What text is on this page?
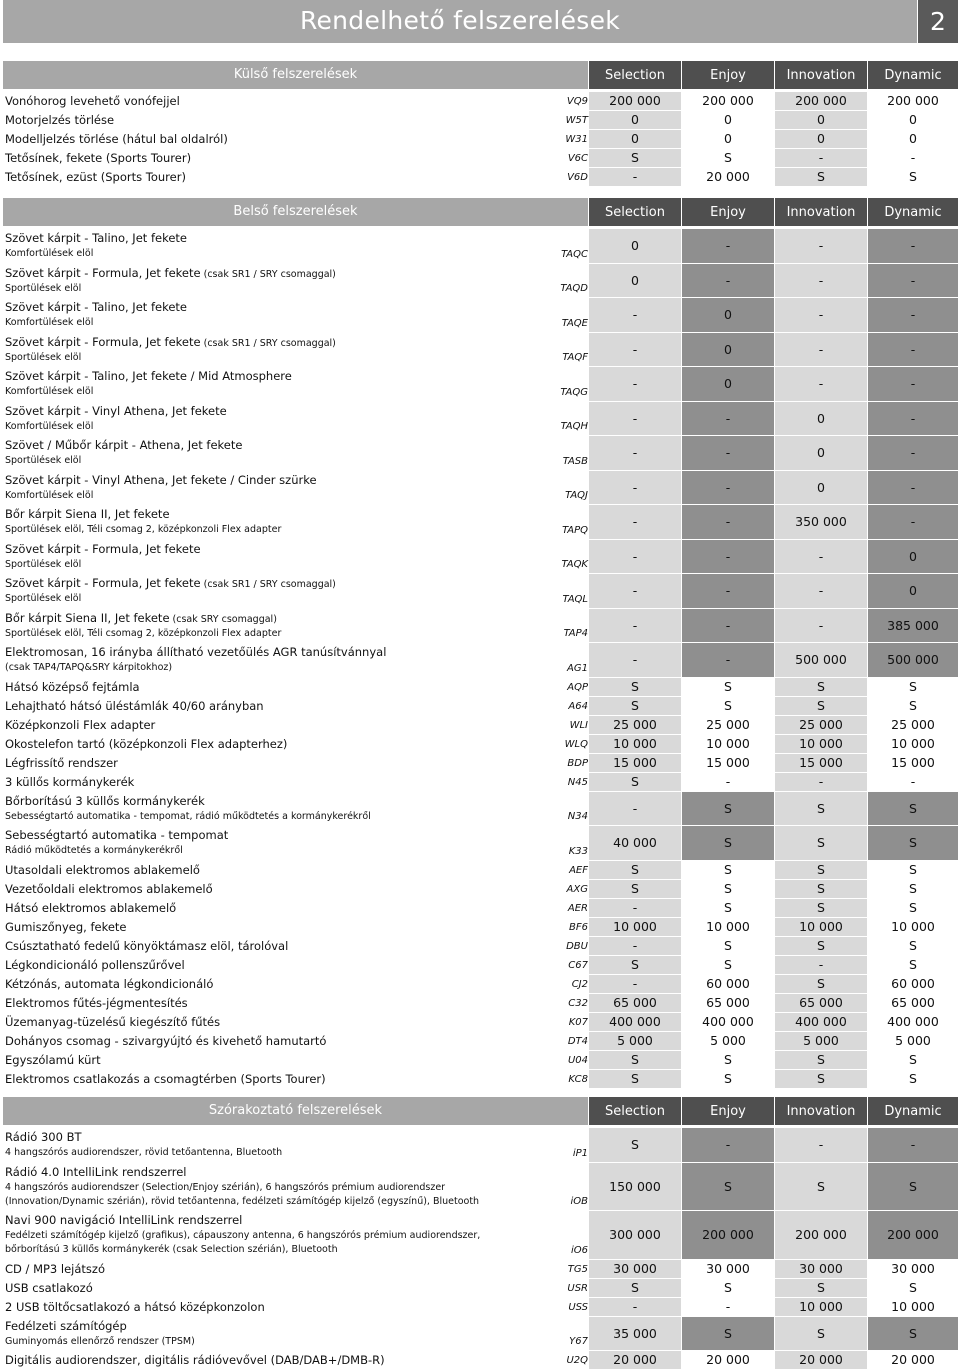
Rendelhető felszerelések	2
Külső felszerelések	Selection	Enjoy	Innovation	Dynamic
Vonóhorog levehető vonófejjel	VQ9	200 000	200 000	200 000	200 000
Motorjelzés törlése	W5T	0	0	0	0
Modelljelzés törlése (hátul bal oldalról)	W31	0	0	0	0
Tetősínek, fekete (Sports Tourer)	V6C	S	S	-	-
Tetősínek, ezüst (Sports Tourer)	V6D	-	20 000	S	S
Belső felszerelések	Selection	Enjoy	Innovation	Dynamic
Szövet kárpit - Talino, Jet fekete
Komfortülések elöl	TAQC
0	-	-	-
Szövet kárpit - Formula, Jet fekete (csak SR1 / SRY csomaggal)
Sportülések elöl	TAQD
0	-	-	-
Szövet kárpit - Talino, Jet fekete
Komfortülések elöl	TAQE
-	0	-	-
Szövet kárpit - Formula, Jet fekete (csak SR1 / SRY csomaggal)
Sportülések elöl	TAQF
-	0	-	-
Szövet kárpit - Talino, Jet fekete / Mid Atmosphere
Komfortülések elöl	TAQG
-	0	-	-
Szövet kárpit - Vinyl Athena, Jet fekete
Komfortülések elöl	TAQH
-	-	0	-
Szövet / Műbőr kárpit - Athena, Jet fekete
Sportülések elöl	TASB
-	-	0	-
Szövet kárpit - Vinyl Athena, Jet fekete / Cinder szürke
Komfortülések elöl	TAQJ
-	-	0	-
Bőr kárpit Siena II, Jet fekete
Sportülések elöl, Téli csomag 2, középkonzoli Flex adapter	TAPQ
-	-	350 000	-
Szövet kárpit - Formula, Jet fekete
Sportülések elöl	TAQK
-	-	-	0
Szövet kárpit - Formula, Jet fekete (csak SR1 / SRY csomaggal)
Sportülések elöl	TAQL
-	-	-	0
Bőr kárpit Siena II, Jet fekete (csak SRY csomaggal)
Sportülések elöl, Téli csomag 2, középkonzoli Flex adapter	TAP4
-	-	-	385 000
Elektromosan, 16 irányba állítható vezetőülés AGR tanúsítvánnyal
(csak TAP4/TAPQ&SRY kárpitokhoz)	AG1
-	-	500 000	500 000
Hátsó középső fejtámla	AQP	S	S	S	S
Lehajtható hátsó üléstámlák 40/60 arányban	A64	S	S	S	S
Középkonzoli Flex adapter	WLI	25 000	25 000	25 000	25 000
Okostelefon tartó (középkonzoli Flex adapterhez)	WLQ	10 000	10 000	10 000	10 000
Légfrissítő rendszer	BDP	15 000	15 000	15 000	15 000
3 küllős kormánykerék	N45	S	-	-	-
Bőrborítású 3 küllős kormánykerék
Sebességtartó automatika - tempomat, rádió működtetés a kormánykerékről	N34
-	S	S	S
Sebességtartó automatika - tempomat
Rádió működtetés a kormánykerékről	K33
40 000	S	S	S
Utasoldali elektromos ablakemelő	AEF	S	S	S	S
Vezetőoldali elektromos ablakemelő	AXG	S	S	S	S
Hátsó elektromos ablakemelő	AER	-	S	S	S
Gumiszőnyeg, fekete	BF6	10 000	10 000	10 000	10 000
Csúsztatható fedelű könyöktámasz elöl, tárolóval	DBU	-	S	S	S
Légkondicionáló pollenszűrővel	C67	S	S	-	S
Kétzónás, automata légkondicionáló	CJ2	-	60 000	S	60 000
Elektromos fűtés-jégmentesítés	C32	65 000	65 000	65 000	65 000
Üzemanyag-tüzelésű kiegészítő fűtés	K07	400 000	400 000	400 000	400 000
Dohányos csomag - szivargyújtó és kivehető hamutartó	DT4	5 000	5 000	5 000	5 000
Egyszólamú kürt	U04	S	S	S	S
Elektromos csatlakozás a csomagtérben (Sports Tourer)	KC8	S	S	S	S
Szórakoztató felszerelések	Selection	Enjoy	Innovation	Dynamic
Rádió 300 BT
4 hangszórós audiorendszer, rövid tetőantenna, Bluetooth	iP1
S	-	-	-
Rádió 4.0 IntelliLink rendszerrel
4 hangszórós audiorendszer (Selection/Enjoy szérián), 6 hangszórós prémium audiorendszer
(Innovation/Dynamic szérián), rövid tetőantenna, fedélzeti számítógép kijelző (egyszínű), Bluetooth	iOB
150 000	S	S	S
Navi 900 navigáció IntelliLink rendszerrel
Fedélzeti számítógép kijelző (grafikus), cápauszony antenna, 6 hangszórós prémium audiorendszer,
bőrborítású 3 küllős kormánykerék (csak Selection szérián), Bluetooth	iO6
300 000	200 000	200 000	200 000
CD / MP3 lejátszó	TG5	30 000	30 000	30 000	30 000
USB csatlakozó	USR	S	S	S	S
2 USB töltőcsatlakozó a hátsó középkonzolon	USS	-	-	10 000	10 000
Fedélzeti számítógép
Guminyomás ellenőrző rendszer (TPSM)	Y67
35 000	S	S	S
Digitális audiorendszer, digitális rádióvevővel (DAB/DAB+/DMB-R)	U2Q	20 000	20 000	20 000	20 000
